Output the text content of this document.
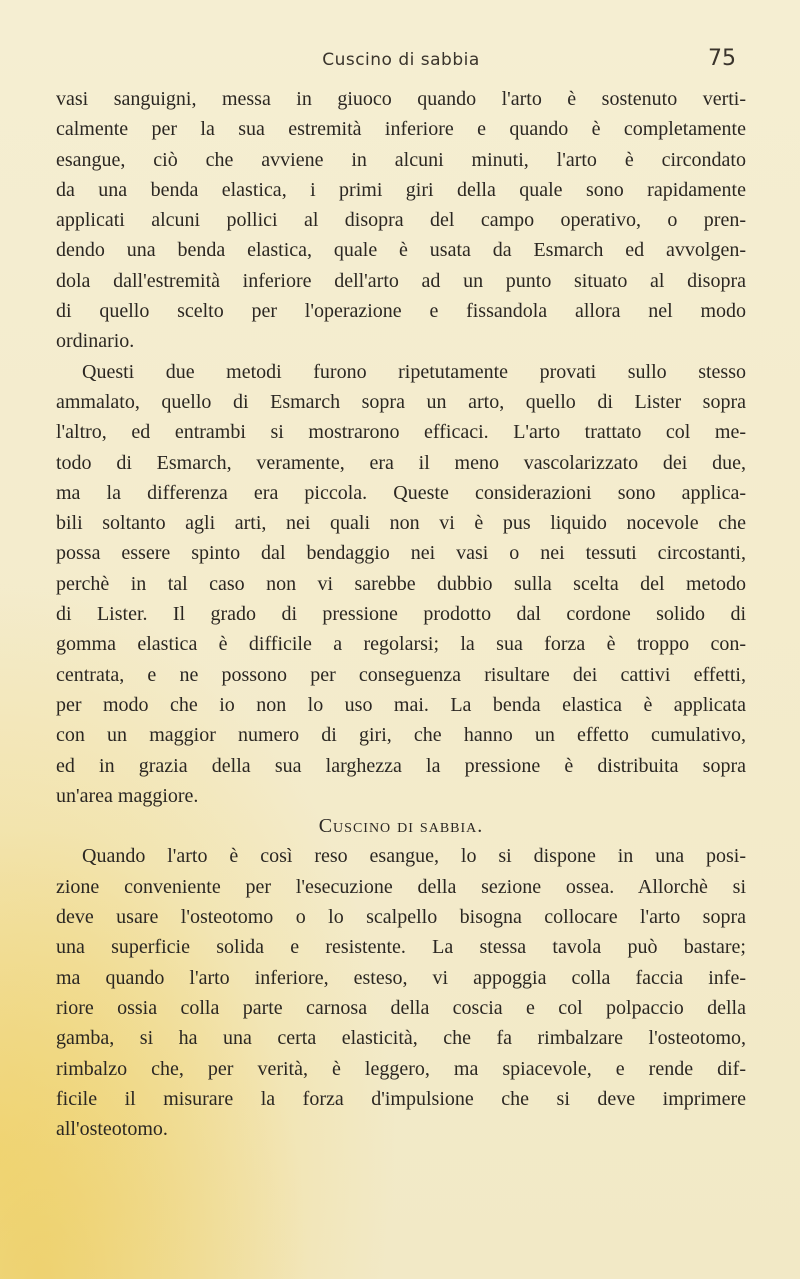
Cuscino di sabbia	75

vasi sanguigni, messa in giuoco quando l'arto è sostenuto verti-
calmente per la sua estremità inferiore e quando è completamente
esangue, ciò che avviene in alcuni minuti, l'arto è circondato
da una benda elastica, i primi giri della quale sono rapidamente
applicati alcuni pollici al disopra del campo operativo, o pren-
dendo una benda elastica, quale è usata da Esmarch ed avvolgen-
dola dall'estremità inferiore dell'arto ad un punto situato al disopra
di quello scelto per l'operazione e fissandola allora nel modo
ordinario.

Questi due metodi furono ripetutamente provati sullo stesso
ammalato, quello di Esmarch sopra un arto, quello di Lister sopra
l'altro, ed entrambi si mostrarono efficaci. L'arto trattato col me-
todo di Esmarch, veramente, era il meno vascolarizzato dei due,
ma la differenza era piccola. Queste considerazioni sono applica-
bili soltanto agli arti, nei quali non vi è pus liquido nocevole che
possa essere spinto dal bendaggio nei vasi o nei tessuti circostanti,
perchè in tal caso non vi sarebbe dubbio sulla scelta del metodo
di Lister. Il grado di pressione prodotto dal cordone solido di
gomma elastica è difficile a regolarsi; la sua forza è troppo con-
centrata, e ne possono per conseguenza risultare dei cattivi effetti,
per modo che io non lo uso mai. La benda elastica è applicata
con un maggior numero di giri, che hanno un effetto cumulativo,
ed in grazia della sua larghezza la pressione è distribuita sopra
un'area maggiore.

Cuscino di sabbia.

Quando l'arto è così reso esangue, lo si dispone in una posi-
zione conveniente per l'esecuzione della sezione ossea. Allorchè si
deve usare l'osteotomo o lo scalpello bisogna collocare l'arto sopra
una superficie solida e resistente. La stessa tavola può bastare;
ma quando l'arto inferiore, esteso, vi appoggia colla faccia infe-
riore ossia colla parte carnosa della coscia e col polpaccio della
gamba, si ha una certa elasticità, che fa rimbalzare l'osteotomo,
rimbalzo che, per verità, è leggero, ma spiacevole, e rende dif-
ficile il misurare la forza d'impulsione che si deve imprimere
all'osteotomo.
